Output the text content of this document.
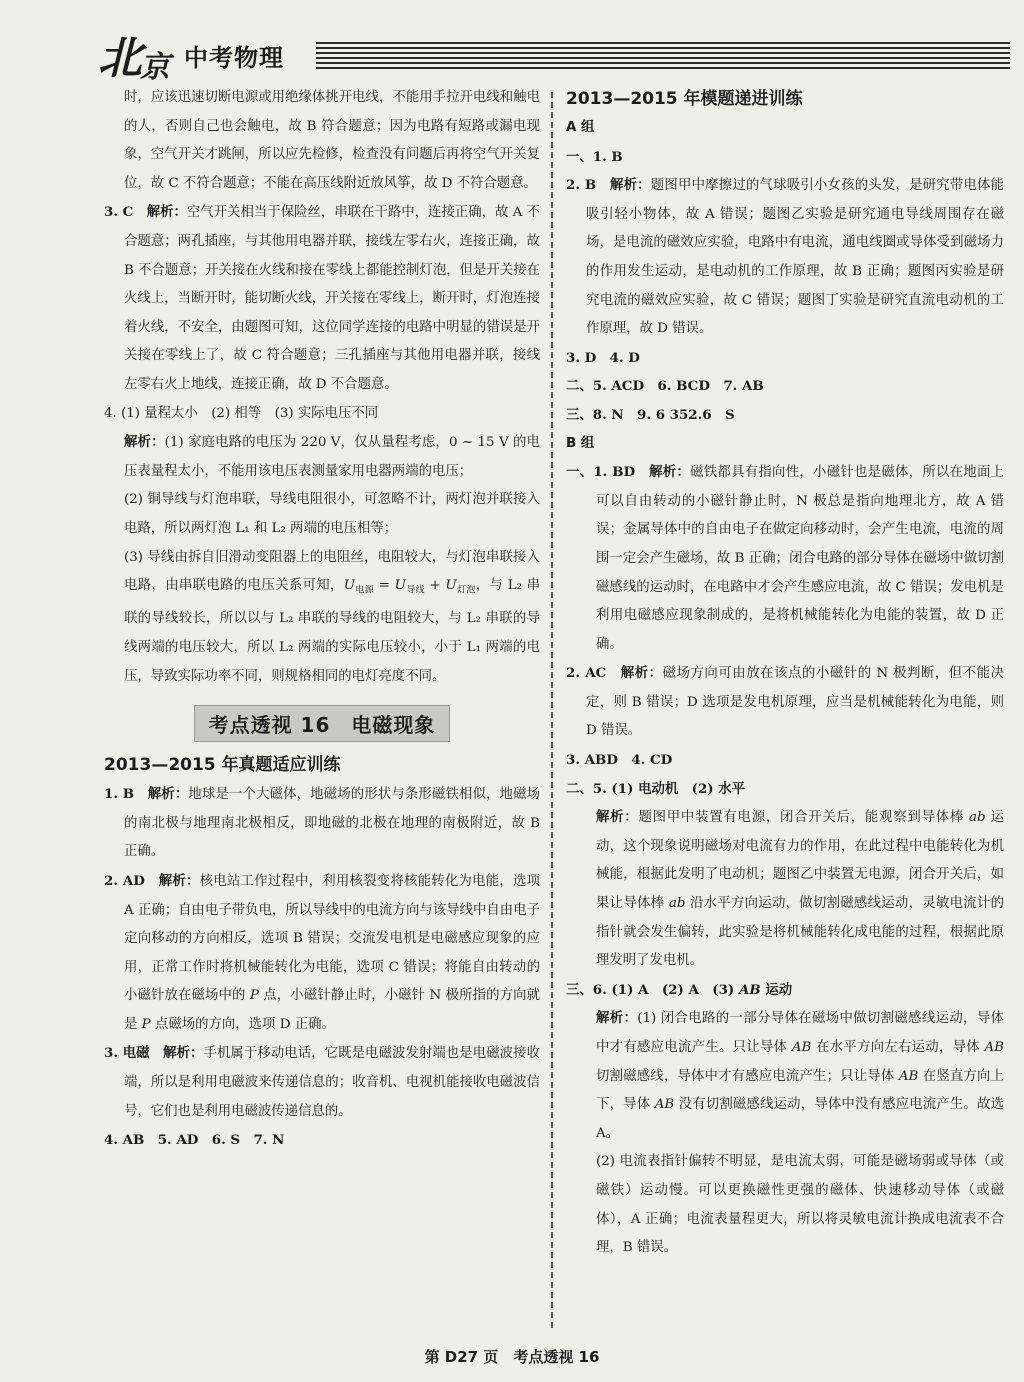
北京 中考物理

时，应该迅速切断电源或用绝缘体挑开电线，不能用手拉开电线和触电的人，否则自己也会触电，故 B 符合题意；因为电路有短路或漏电现象，空气开关才跳闸，所以应先检修，检查没有问题后再将空气开关复位，故 C 不符合题意；不能在高压线附近放风筝，故 D 不符合题意。

3. C　 解析：空气开关相当于保险丝，串联在干路中，连接正确，故 A 不合题意；两孔插座，与其他用电器并联，接线左零右火，连接正确，故 B 不合题意；开关接在火线和接在零线上都能控制灯泡，但是开关接在火线上，当断开时，能切断火线，开关接在零线上，断开时，灯泡连接着火线，不安全，由题图可知，这位同学连接的电路中明显的错误是开关接在零线上了，故 C 符合题意；三孔插座与其他用电器并联，接线左零右火上地线，连接正确，故 D 不合题意。

4. (1) 量程太小　(2) 相等　(3) 实际电压不同

解析：(1) 家庭电路的电压为 220 V，仅从量程考虑，0 ~ 15 V 的电压表量程太小，不能用该电压表测量家用电器两端的电压；

(2) 铜导线与灯泡串联，导线电阻很小，可忽略不计，两灯泡并联接入电路，所以两灯泡 L₁ 和 L₂ 两端的电压相等；

(3) 导线由拆自旧滑动变阻器上的电阻丝，电阻较大，与灯泡串联接入电路，由串联电路的电压关系可知，$U_{电源} = U_{导线} + U_{灯泡}$，与 L₂ 串联的导线较长，所以以与 L₂ 串联的导线的电阻较大，与 L₂ 串联的导线两端的电压较大，所以 L₂ 两端的实际电压较小，小于 L₁ 两端的电压，导致实际功率不同，则规格相同的电灯亮度不同。

考点透视 16　电磁现象
2013—2015 年真题适应训练

1. B　 解析：地球是一个大磁体，地磁场的形状与条形磁铁相似，地磁场的南北极与地理南北极相反，即地磁的北极在地理的南极附近，故 B 正确。

2. AD　 解析：核电站工作过程中，利用核裂变将核能转化为电能，选项 A 正确；自由电子带负电，所以导线中的电流方向与该导线中自由电子定向移动的方向相反，选项 B 错误；交流发电机是电磁感应现象的应用，正常工作时将机械能转化为电能，选项 C 错误；将能自由转动的小磁针放在磁场中的 P 点，小磁针静止时，小磁针 N 极所指的方向就是 P 点磁场的方向，选项 D 正确。

3. 电磁　 解析：手机属于移动电话，它既是电磁波发射端也是电磁波接收端，所以是利用电磁波来传递信息的；收音机、电视机能接收电磁波信号，它们也是利用电磁波传递信息的。

4. AB　5. AD　6. S　7. N

2013—2015 年模题递进训练

A 组

一、1. B

2. B　 解析：题图甲中摩擦过的气球吸引小女孩的头发，是研究带电体能吸引轻小物体，故 A 错误；题图乙实验是研究通电导线周围存在磁场，是电流的磁效应实验，电路中有电流，通电线圈或导体受到磁场力的作用发生运动，是电动机的工作原理，故 B 正确；题图丙实验是研究电流的磁效应实验，故 C 错误；题图丁实验是研究直流电动机的工作原理，故 D 错误。

3. D　4. D

二、5. ACD　6. BCD　7. AB

三、8. N　9. 6 352.6　S

B 组

一、1. BD　 解析：磁铁都具有指向性，小磁针也是磁体，所以在地面上可以自由转动的小磁针静止时，N 极总是指向地理北方，故 A 错误；金属导体中的自由电子在做定向移动时，会产生电流，电流的周围一定会产生磁场，故 B 正确；闭合电路的部分导体在磁场中做切割磁感线的运动时，在电路中才会产生感应电流，故 C 错误；发电机是利用电磁感应现象制成的，是将机械能转化为电能的装置，故 D 正确。

2. AC　 解析：磁场方向可由放在该点的小磁针的 N 极判断，但不能决定，则 B 错误；D 选项是发电机原理，应当是机械能转化为电能，则 D 错误。

3. ABD　4. CD

二、5. (1) 电动机　(2) 水平

解析：题图甲中装置有电源，闭合开关后，能观察到导体棒 ab 运动，这个现象说明磁场对电流有力的作用，在此过程中电能转化为机械能，根据此发明了电动机；题图乙中装置无电源，闭合开关后，如果让导体棒 ab 沿水平方向运动，做切割磁感线运动，灵敏电流计的指针就会发生偏转，此实验是将机械能转化成电能的过程，根据此原理发明了发电机。

三、6. (1) A　(2) A　(3) AB 运动

解析：(1) 闭合电路的一部分导体在磁场中做切割磁感线运动，导体中才有感应电流产生。只让导体 AB 在水平方向左右运动，导体 AB 切割磁感线，导体中才有感应电流产生；只让导体 AB 在竖直方向上下，导体 AB 没有切割磁感线运动，导体中没有感应电流产生。故选 A。

(2) 电流表指针偏转不明显，是电流太弱，可能是磁场弱或导体（或磁铁）运动慢。可以更换磁性更强的磁体、快速移动导体（或磁体），A 正确；电流表量程更大，所以将灵敏电流计换成电流表不合理，B 错误。

第 D27 页　考点透视 16
